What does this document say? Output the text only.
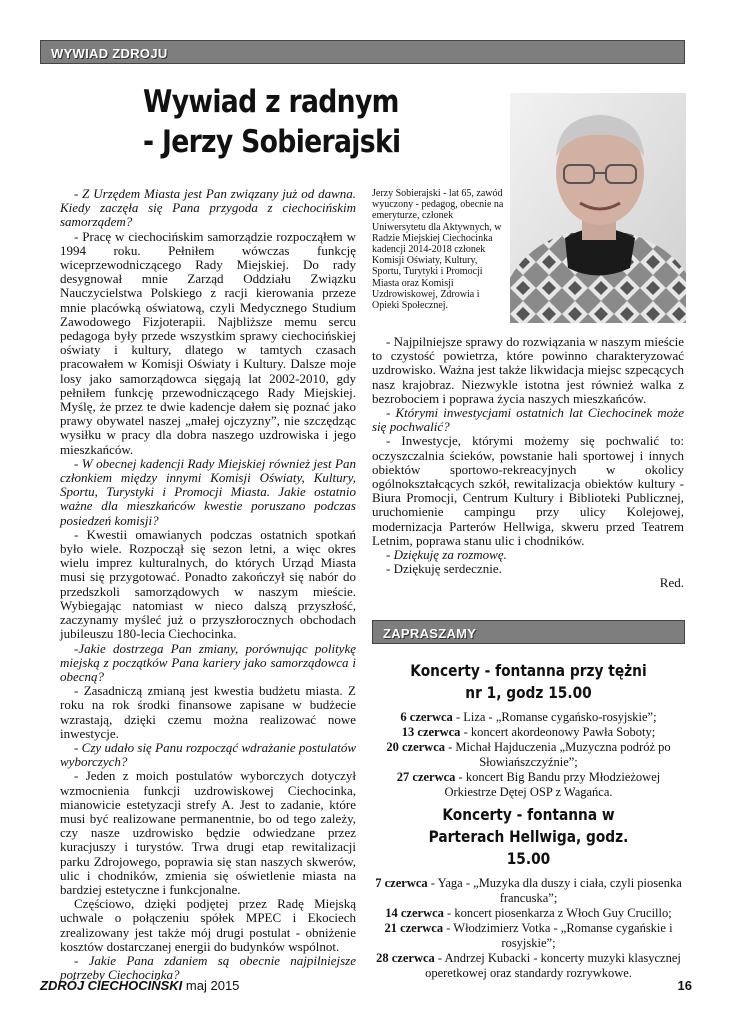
WYWIAD ZDROJU
Wywiad z radnym
- Jerzy Sobierajski
Jerzy Sobierajski - lat 65, zawód wyuczony - pedagog, obecnie na emeryturze, członek Uniwersytetu dla Aktywnych, w Radzie Miejskiej Ciechocinka kadencji 2014-2018 członek Komisji Oświaty, Kultury, Sportu, Turytyki i Promocji Miasta oraz Komisji Uzdrowiskowej, Zdrowia i Opieki Społecznej.

- Z Urzędem Miasta jest Pan związany już od dawna. Kiedy zaczęła się Pana przygoda z ciechocińskim samorządem?

- Pracę w ciechocińskim samorządzie rozpocząłem w 1994 roku. Pełniłem wówczas funkcję wiceprzewodniczącego Rady Miejskiej. Do rady desygnował mnie Zarząd Oddziału Związku Nauczycielstwa Polskiego z racji kierowania przeze mnie placówką oświatową, czyli Medycznego Studium Zawodowego Fizjoterapii. Najbliższe memu sercu pedagoga były przede wszystkim sprawy ciechocińskiej oświaty i kultury, dlatego w tamtych czasach pracowałem w Komisji Oświaty i Kultury. Dalsze moje losy jako samorządowca sięgają lat 2002-2010, gdy pełniłem funkcję przewodniczącego Rady Miejskiej. Myślę, że przez te dwie kadencje dałem się poznać jako prawy obywatel naszej „małej ojczyzny”, nie szczędząc wysiłku w pracy dla dobra naszego uzdrowiska i jego mieszkańców.

- W obecnej kadencji Rady Miejskiej również jest Pan członkiem między innymi Komisji Oświaty, Kultury, Sportu, Turystyki i Promocji Miasta. Jakie ostatnio ważne dla mieszkańców kwestie poruszano podczas posiedzeń komisji?

- Kwestii omawianych podczas ostatnich spotkań było wiele. Rozpoczął się sezon letni, a więc okres wielu imprez kulturalnych, do których Urząd Miasta musi się przygotować. Ponadto zakończył się nabór do przedszkoli samorządowych w naszym mieście. Wybiegając natomiast w nieco dalszą przyszłość, zaczynamy myśleć już o przyszłorocznych obchodach jubileuszu 180-lecia Ciechocinka.

-Jakie dostrzega Pan zmiany, porównując politykę miejską z początków Pana kariery jako samorządowca i obecną?

- Zasadniczą zmianą jest kwestia budżetu miasta. Z roku na rok środki finansowe zapisane w budżecie wzrastają, dzięki czemu można realizować nowe inwestycje.

- Czy udało się Panu rozpocząć wdrażanie postulatów wyborczych?

- Jeden z moich postulatów wyborczych dotyczył wzmocnienia funkcji uzdrowiskowej Ciechocinka, mianowicie estetyzacji strefy A. Jest to zadanie, które musi być realizowane permanentnie, bo od tego zależy, czy nasze uzdrowisko będzie odwiedzane przez kuracjuszy i turystów. Trwa drugi etap rewitalizacji parku Zdrojowego, poprawia się stan naszych skwerów, ulic i chodników, zmienia się oświetlenie miasta na bardziej estetyczne i funkcjonalne.

Częściowo, dzięki podjętej przez Radę Miejską uchwale o połączeniu spółek MPEC i Ekociech zrealizowany jest także mój drugi postulat - obniżenie kosztów dostarczanej energii do budynków wspólnot.

- Jakie Pana zdaniem są obecnie najpilniejsze potrzeby Ciechocinka?

- Najpilniejsze sprawy do rozwiązania w naszym mieście to czystość powietrza, które powinno charakteryzować uzdrowisko. Ważna jest także likwidacja miejsc szpecących nasz krajobraz. Niezwykle istotna jest również walka z bezrobociem i poprawa życia naszych mieszkańców.

- Którymi inwestycjami ostatnich lat Ciechocinek może się pochwalić?

- Inwestycje, którymi możemy się pochwalić to: oczyszczalnia ścieków, powstanie hali sportowej i innych obiektów sportowo-rekreacyjnych w okolicy ogólnokształcących szkół, rewitalizacja obiektów kultury - Biura Promocji, Centrum Kultury i Biblioteki Publicznej, uruchomienie campingu przy ulicy Kolejowej, modernizacja Parterów Hellwiga, skweru przed Teatrem Letnim, poprawa stanu ulic i chodników.

- Dziękuję za rozmowę.

- Dziękuję serdecznie.

Red.

ZAPRASZAMY
Koncerty - fontanna przy tężni nr 1, godz 15.00
6 czerwca - Liza - „Romanse cygańsko-rosyjskie”;
13 czerwca - koncert akordeonowy Pawła Soboty;
20 czerwca - Michał Hajduczenia „Muzyczna podróż po Słowiańszczyźnie”;
27 czerwca - koncert Big Bandu przy Młodzieżowej Orkiestrze Dętej OSP z Wagańca.
Koncerty - fontanna w Parterach Hellwiga, godz. 15.00
7 czerwca - Yaga - „Muzyka dla duszy i ciała, czyli piosenka francuska”;
14 czerwca - koncert piosenkarza z Włoch Guy Crucillo;
21 czerwca - Włodzimierz Votka - „Romanse cygańskie i rosyjskie”;
28 czerwca - Andrzej Kubacki - koncerty muzyki klasycznej operetkowej oraz standardy rozrywkowe.
ZDRÓJ CIECHOCIŃSKI maj 2015	16
